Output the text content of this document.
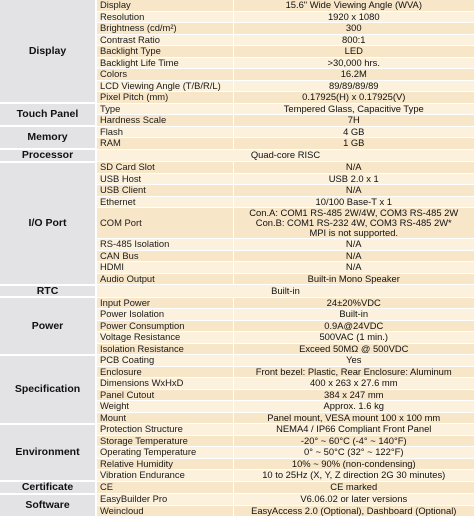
Display	Display	15.6" Wide Viewing Angle (WVA)
	Resolution	1920 x 1080
	Brightness (cd/m²)	300
	Contrast Ratio	800:1
	Backlight Type	LED
	Backlight Life Time	>30,000 hrs.
	Colors	16.2M
	LCD Viewing Angle (T/B/R/L)	89/89/89/89
	Pixel Pitch (mm)	0.17925(H) x 0.17925(V)
Touch Panel	Type	Tempered Glass, Capacitive Type
	Hardness Scale	7H
Memory	Flash	4 GB
	RAM	1 GB
Processor	Quad-core RISC	
I/O Port	SD Card Slot	N/A
	USB Host	USB 2.0 x 1
	USB Client	N/A
	Ethernet	10/100 Base-T x 1
	COM Port	Con.A: COM1 RS-485 2W/4W, COM3 RS-485 2W
Con.B: COM1 RS-232 4W, COM3 RS-485 2W*
MPI is not supported.

	RS-485 Isolation	N/A
	CAN Bus	N/A
	HDMI	N/A
	Audio Output	Built-in Mono Speaker
RTC	Built-in	
Power	Input Power	24±20%VDC
	Power Isolation	Built-in
	Power Consumption	0.9A@24VDC
	Voltage Resistance	500VAC (1 min.)
	Isolation Resistance	Exceed 50MΩ @ 500VDC
Specification	PCB Coating	Yes
	Enclosure	Front bezel: Plastic, Rear Enclosure: Aluminum
	Dimensions WxHxD	400 x 263 x 27.6 mm
	Panel Cutout	384 x 247 mm
	Weight	Approx. 1.6 kg
	Mount	Panel mount, VESA mount 100 x 100 mm
Environment	Protection Structure	NEMA4 / IP66 Compliant Front Panel
	Storage Temperature	-20° ~ 60°C (-4° ~ 140°F)
	Operating Temperature	0° ~ 50°C (32° ~ 122°F)
	Relative Humidity	10% ~ 90% (non-condensing)
	Vibration Endurance	10 to 25Hz (X, Y, Z direction 2G 30 minutes)
Certificate	CE	CE marked
Software	EasyBuilder Pro	V6.06.02 or later versions
	Weincloud	EasyAccess 2.0 (Optional), Dashboard (Optional)
